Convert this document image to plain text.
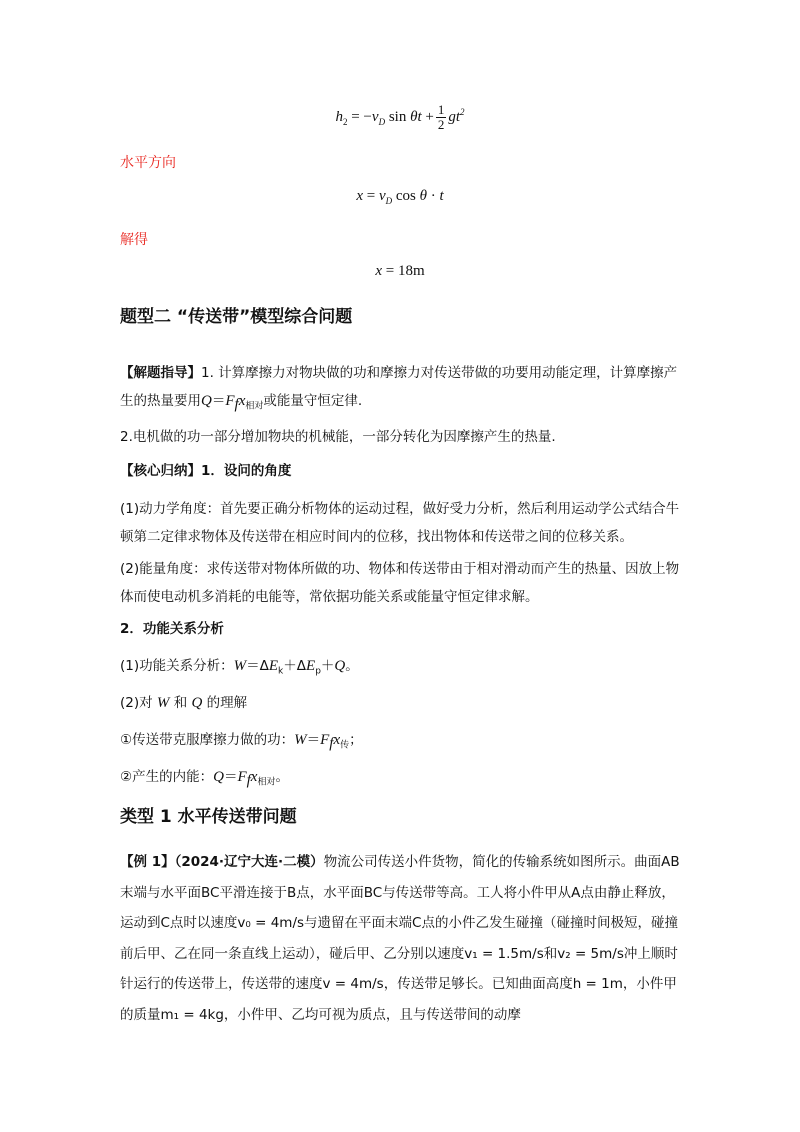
$h_2 = -v_D$ $\sin \theta t + \frac{1}{2} gt^2$
水平方向
$x = v_D$ cos θ · t
解得
x = 18m
题型二 “传送带”模型综合问题
【解题指导】1. 计算摩擦力对物块做的功和摩擦力对传送带做的功要用动能定理，计算摩擦产生的热量要用$Q=F_fx_{相对}$或能量守恒定律.
2.电机做的功一部分增加物块的机械能，一部分转化为因摩擦产生的热量.
【核心归纳】1．设问的角度
(1)动力学角度：首先要正确分析物体的运动过程，做好受力分析，然后利用运动学公式结合牛顿第二定律求物体及传送带在相应时间内的位移，找出物体和传送带之间的位移关系。
(2)能量角度：求传送带对物体所做的功、物体和传送带由于相对滑动而产生的热量、因放上物体而使电动机多消耗的电能等，常依据功能关系或能量守恒定律求解。
2．功能关系分析
(1)功能关系分析：$W=\Delta E_k+\Delta E_p+Q$。
(2)对 W 和 Q 的理解
①传送带克服摩擦力做的功：$W=F_fx_传$；
②产生的内能：$Q=F_fx_{相对}$。
类型 1 水平传送带问题
【例 1】（2024·辽宁大连·二模）物流公司传送小件货物，简化的传输系统如图所示。曲面AB末端与水平面BC平滑连接于B点，水平面BC与传送带等高。工人将小件甲从A点由静止释放，运动到C点时以速度v₀ = 4m/s与遗留在平面末端C点的小件乙发生碰撞（碰撞时间极短，碰撞前后甲、乙在同一条直线上运动），碰后甲、乙分别以速度v₁ = 1.5m/s和v₂ = 5m/s冲上顺时针运行的传送带上，传送带的速度v = 4m/s，传送带足够长。已知曲面高度h = 1m，小件甲的质量m₁ = 4kg，小件甲、乙均可视为质点，且与传送带间的动摩
